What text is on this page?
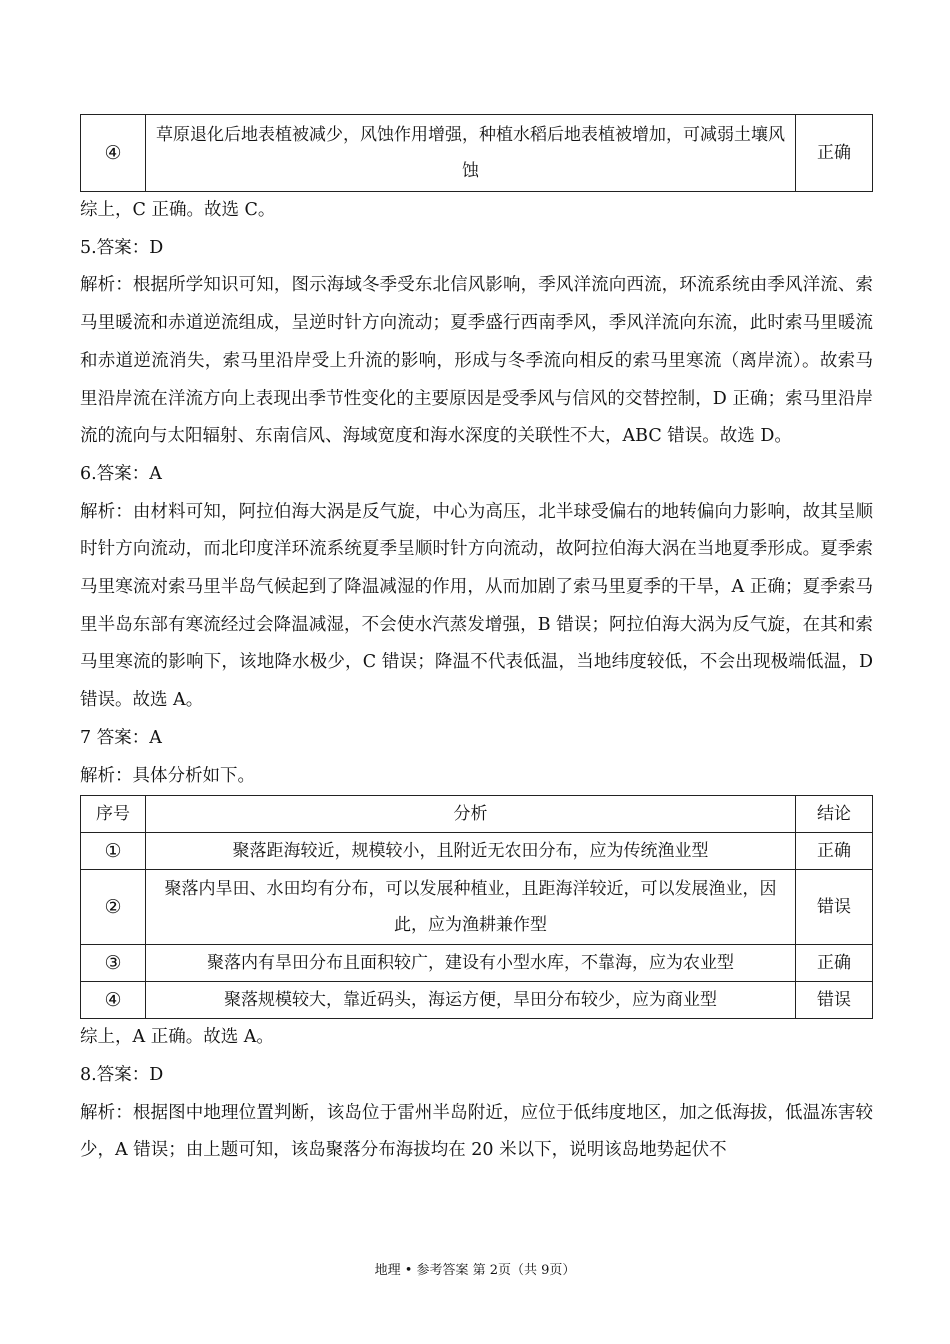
④	草原退化后地表植被减少，风蚀作用增强，种植水稻后地表植被增加，可减弱土壤风蚀	正确

综上，C 正确。故选 C。

5.答案：D

解析：根据所学知识可知，图示海域冬季受东北信风影响，季风洋流向西流，环流系统由季风洋流、索马里暖流和赤道逆流组成，呈逆时针方向流动；夏季盛行西南季风，季风洋流向东流，此时索马里暖流和赤道逆流消失，索马里沿岸受上升流的影响，形成与冬季流向相反的索马里寒流（离岸流）。故索马里沿岸流在洋流方向上表现出季节性变化的主要原因是受季风与信风的交替控制，D 正确；索马里沿岸流的流向与太阳辐射、东南信风、海域宽度和海水深度的关联性不大，ABC 错误。故选 D。

6.答案：A

解析：由材料可知，阿拉伯海大涡是反气旋，中心为高压，北半球受偏右的地转偏向力影响，故其呈顺时针方向流动，而北印度洋环流系统夏季呈顺时针方向流动，故阿拉伯海大涡在当地夏季形成。夏季索马里寒流对索马里半岛气候起到了降温减湿的作用，从而加剧了索马里夏季的干旱，A 正确；夏季索马里半岛东部有寒流经过会降温减湿，不会使水汽蒸发增强，B 错误；阿拉伯海大涡为反气旋，在其和索马里寒流的影响下，该地降水极少，C 错误；降温不代表低温，当地纬度较低，不会出现极端低温，D 错误。故选 A。

7 答案：A

解析：具体分析如下。

序号	分析	结论
①	聚落距海较近，规模较小，且附近无农田分布，应为传统渔业型	正确
②	聚落内旱田、水田均有分布，可以发展种植业，且距海洋较近，可以发展渔业，因此，应为渔耕兼作型	错误
③	聚落内有旱田分布且面积较广，建设有小型水库，不靠海，应为农业型	正确
④	聚落规模较大，靠近码头，海运方便，旱田分布较少，应为商业型	错误

综上，A 正确。故选 A。

8.答案：D

解析：根据图中地理位置判断，该岛位于雷州半岛附近，应位于低纬度地区，加之低海拔，低温冻害较少，A 错误；由上题可知，该岛聚落分布海拔均在 20 米以下，说明该岛地势起伏不

地理 • 参考答案 第 2页（共 9页）
